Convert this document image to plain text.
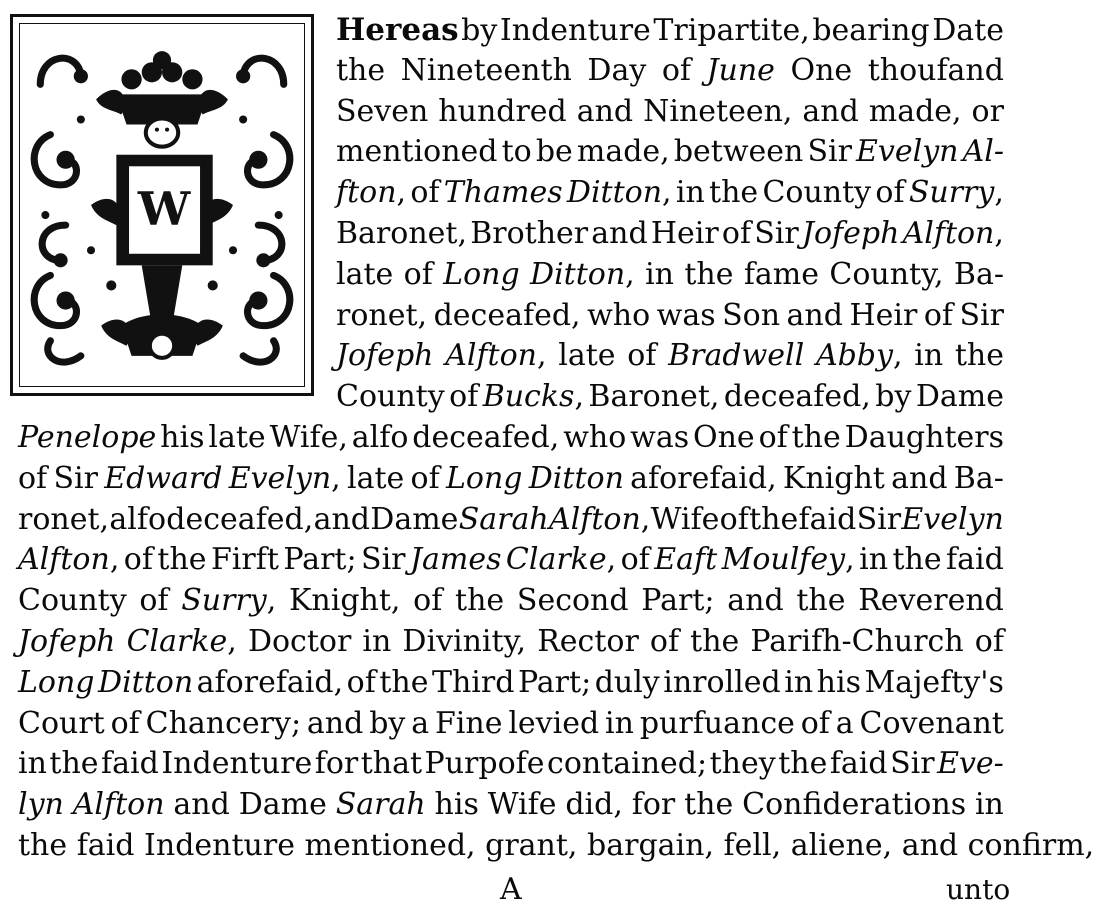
W
Hereas by Indenture Tripartite, bearing Date
the Nineteenth Day of June One thoufand
Seven hundred and Nineteen, and made, or
mentioned to be made, between Sir Evelyn Al-
fton, of Thames Ditton, in the County of Surry,
Baronet, Brother and Heir of Sir Jofeph Alfton,
late of Long Ditton, in the fame County, Ba-
ronet, deceafed, who was Son and Heir of Sir
Jofeph Alfton, late of Bradwell Abby, in the
County of Bucks, Baronet, deceafed, by Dame
Penelope his late Wife, alfo deceafed, who was One of the Daughters
of Sir Edward Evelyn, late of Long Ditton aforefaid, Knight and Ba-
ronet, alfo deceafed, and Dame Sarah Alfton, Wife of the faid Sir Evelyn
Alfton, of the Firft Part; Sir James Clarke, of Eaft Moulfey, in the faid
County of Surry, Knight, of the Second Part; and the Reverend
Jofeph Clarke, Doctor in Divinity, Rector of the Parifh-Church of
Long Ditton aforefaid, of the Third Part; duly inrolled in his Majefty's
Court of Chancery; and by a Fine levied in purfuance of a Covenant
in the faid Indenture for that Purpofe contained; they the faid Sir Eve-
lyn Alfton and Dame Sarah his Wife did, for the Confiderations in
the faid Indenture mentioned, grant, bargain, fell, aliene, and confirm,
A	unto
